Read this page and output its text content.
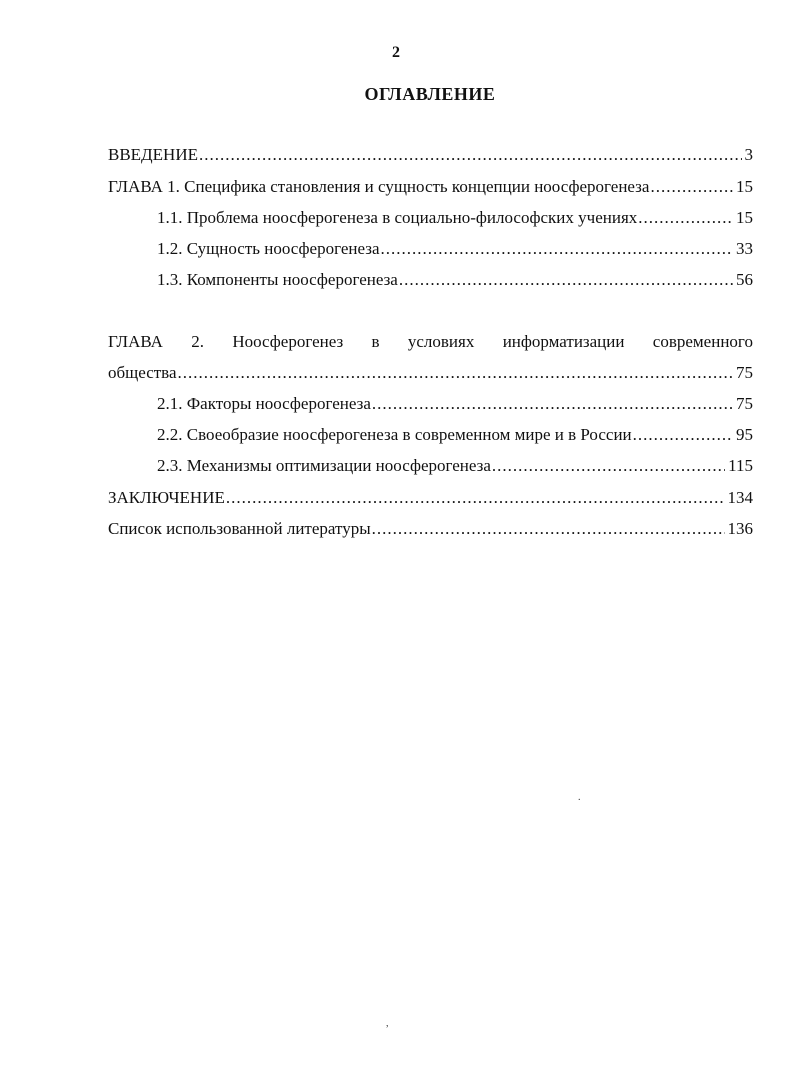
2
ОГЛАВЛЕНИЕ
ВВЕДЕНИЕ .....	3
ГЛАВА 1. Специфика становления и сущность концепции ноосферогенеза .....	15
1.1. Проблема ноосферогенеза в социально-философских учениях .....	15
1.2. Сущность ноосферогенеза .....	33
1.3. Компоненты ноосферогенеза .....	56
ГЛАВА 2. Ноосферогенез в условиях информатизации современного
общества .....	75
2.1. Факторы ноосферогенеза .....	75
2.2. Своеобразие ноосферогенеза в современном мире и в России .....	95
2.3. Механизмы оптимизации ноосферогенеза .....	115
ЗАКЛЮЧЕНИЕ .....	134
Список использованной литературы .....	136
.
,
